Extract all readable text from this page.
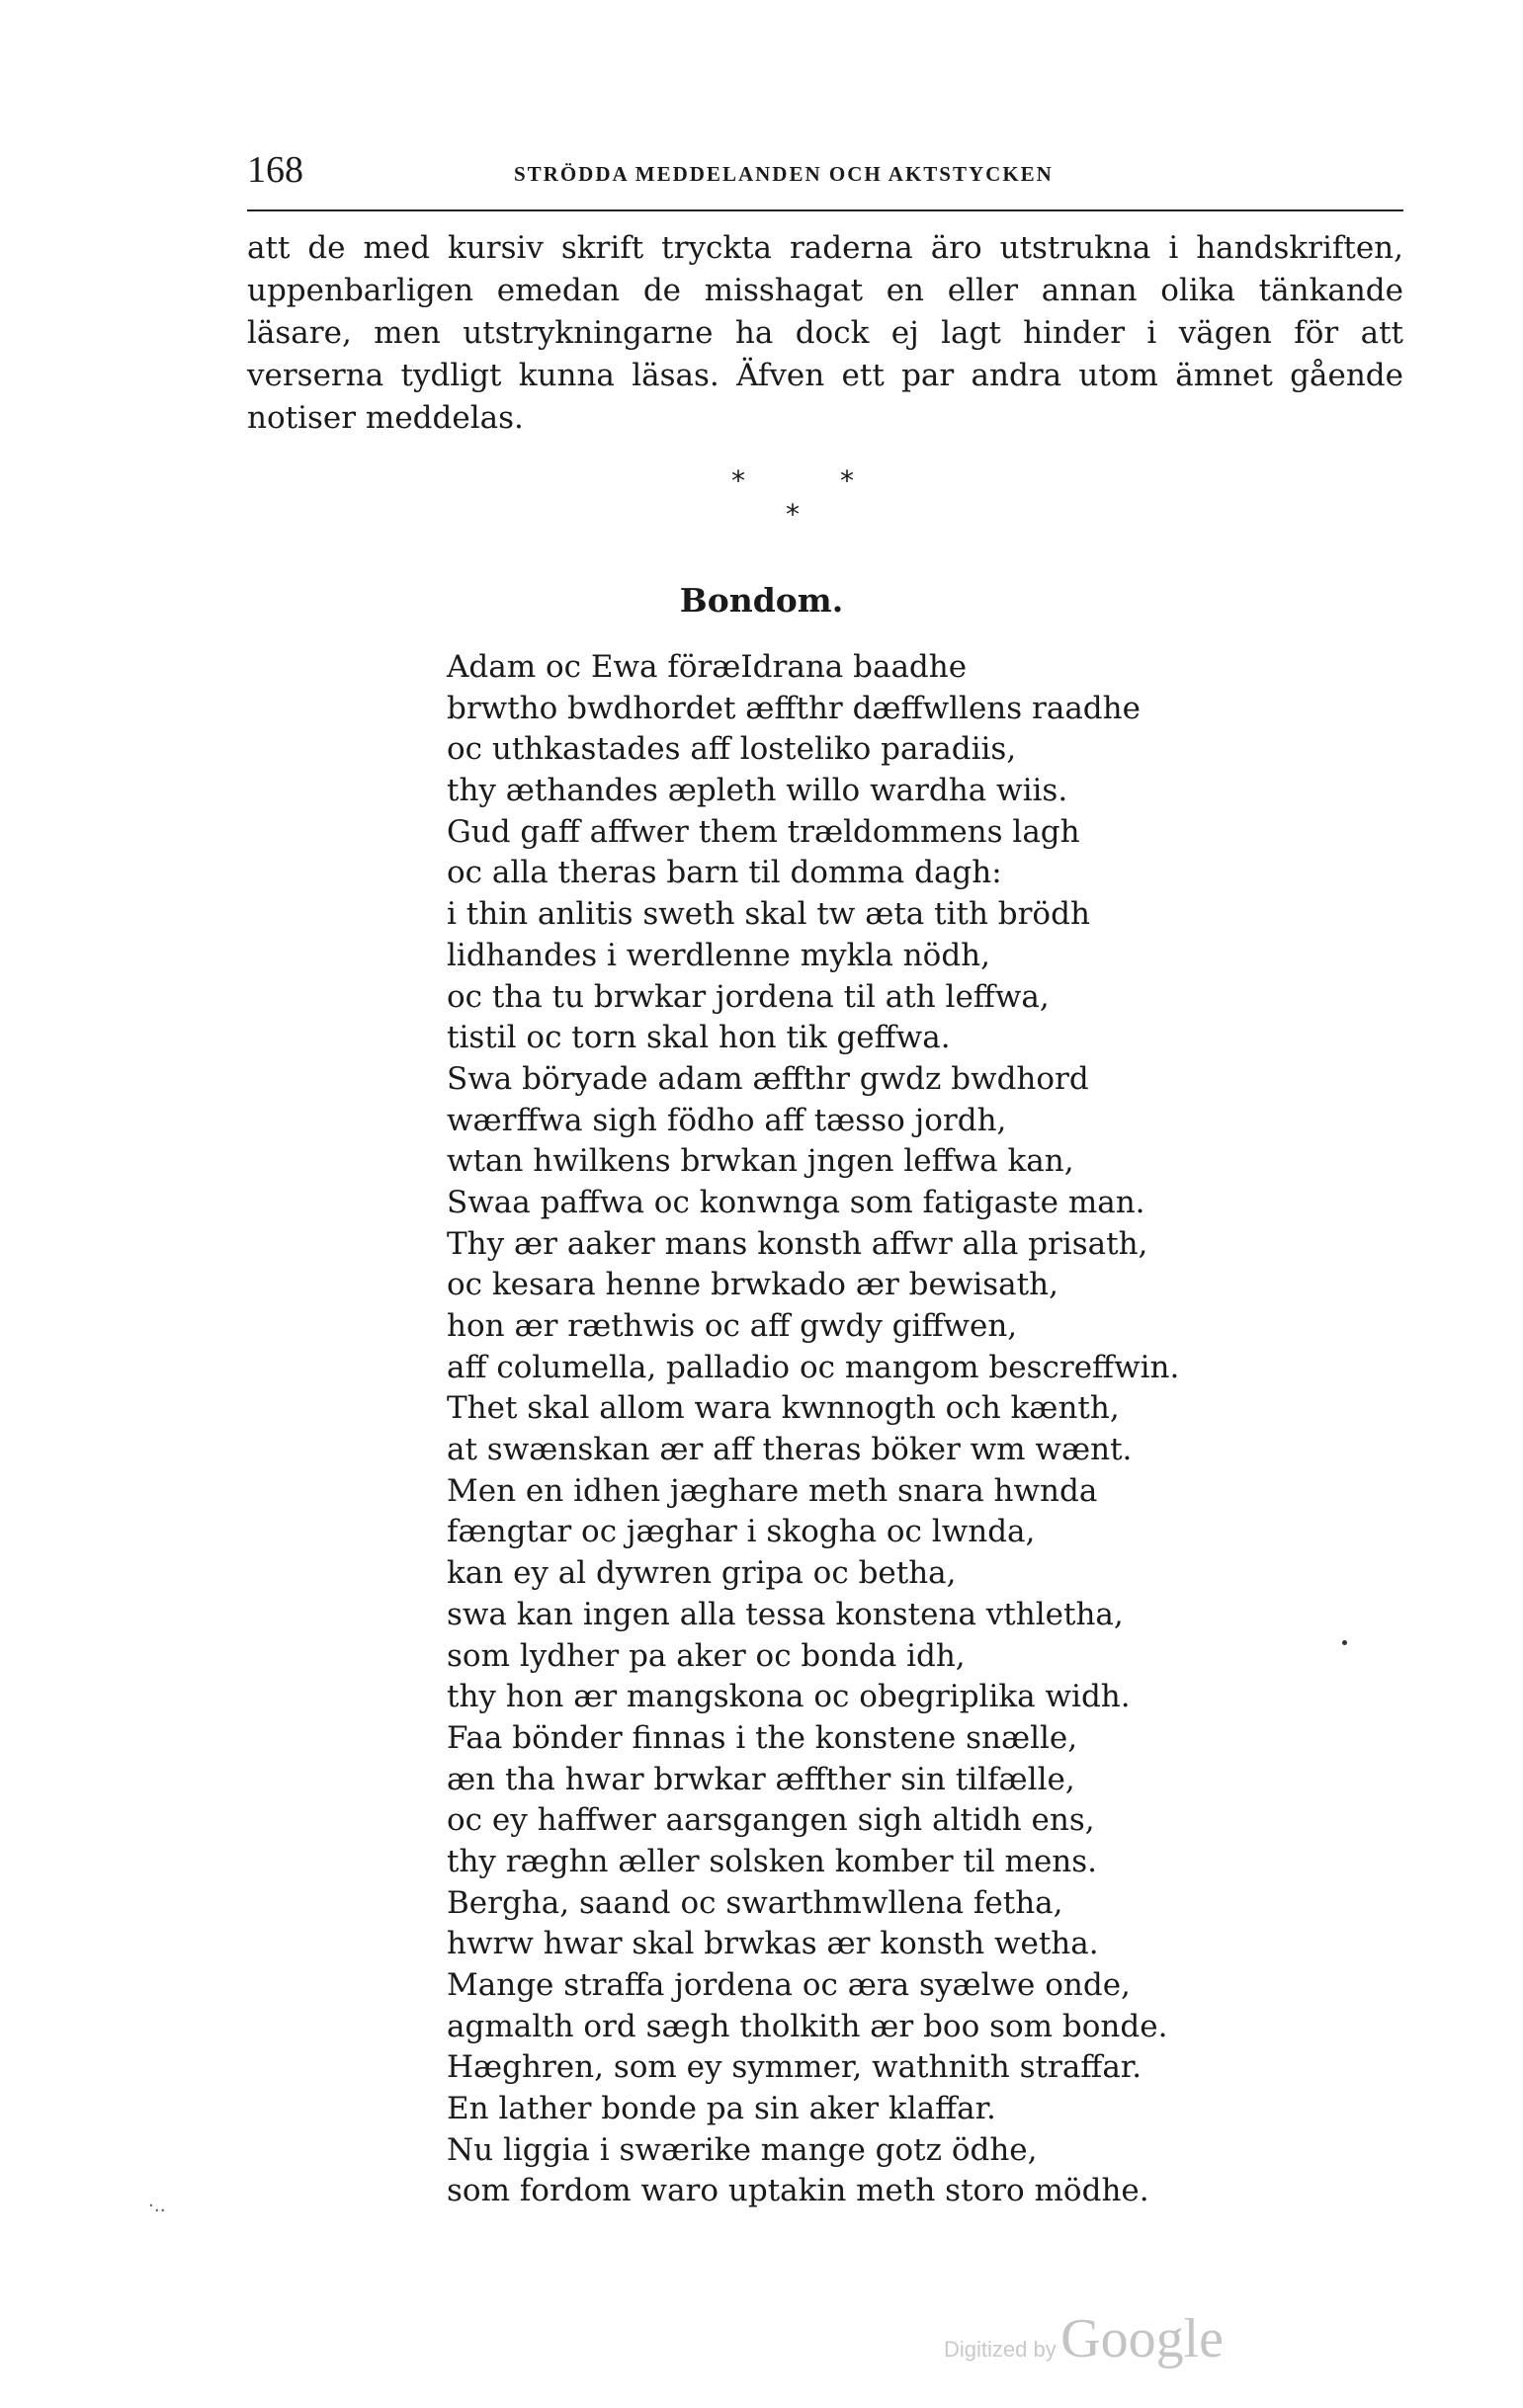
168	STRÖDDA MEDDELANDEN OCH AKTSTYCKEN

att de med kursiv skrift tryckta raderna äro utstrukna i handskriften, uppenbarligen emedan de misshagat en eller annan olika tänkande läsare, men utstrykningarne ha dock ej lagt hinder i vägen för att verserna tydligt kunna läsas. Äfven ett par andra utom ämnet gående notiser meddelas.

*	*
*
Bondom.
Adam oc Ewa föræIdrana baadhe
brwtho bwdhordet æffthr dæffwllens raadhe
oc uthkastades aff losteliko paradiis,
thy æthandes æpleth willo wardha wiis.
Gud gaff affwer them trældommens lagh
oc alla theras barn til domma dagh:
i thin anlitis sweth skal tw æta tith brödh
lidhandes i werdlenne mykla nödh,
oc tha tu brwkar jordena til ath leffwa,
tistil oc torn skal hon tik geffwa.
Swa böryade adam æffthr gwdz bwdhord
wærffwa sigh födho aff tæsso jordh,
wtan hwilkens brwkan jngen leffwa kan,
Swaa paffwa oc konwnga som fatigaste man.
Thy ær aaker mans konsth affwr alla prisath,
oc kesara henne brwkado ær bewisath,
hon ær ræthwis oc aff gwdy giffwen,
aff columella, palladio oc mangom bescreffwin.
Thet skal allom wara kwnnogth och kænth,
at swænskan ær aff theras böker wm wænt.
Men en idhen jæghare meth snara hwnda
fængtar oc jæghar i skogha oc lwnda,
kan ey al dywren gripa oc betha,
swa kan ingen alla tessa konstena vthletha,
som lydher pa aker oc bonda idh,
thy hon ær mangskona oc obegriplika widh.
Faa bönder finnas i the konstene snælle,
æn tha hwar brwkar æffther sin tilfælle,
oc ey haffwer aarsgangen sigh altidh ens,
thy ræghn æller solsken komber til mens.
Bergha, saand oc swarthmwllena fetha,
hwrw hwar skal brwkas ær konsth wetha.
Mange straffa jordena oc æra syælwe onde,
agmalth ord sægh tholkith ær boo som bonde.
Hæghren, som ey symmer, wathnith straffar.
En lather bonde pa sin aker klaffar.
Nu liggia i swærike mange gotz ödhe,
som fordom waro uptakin meth storo mödhe.
·‥
Digitized by Google
